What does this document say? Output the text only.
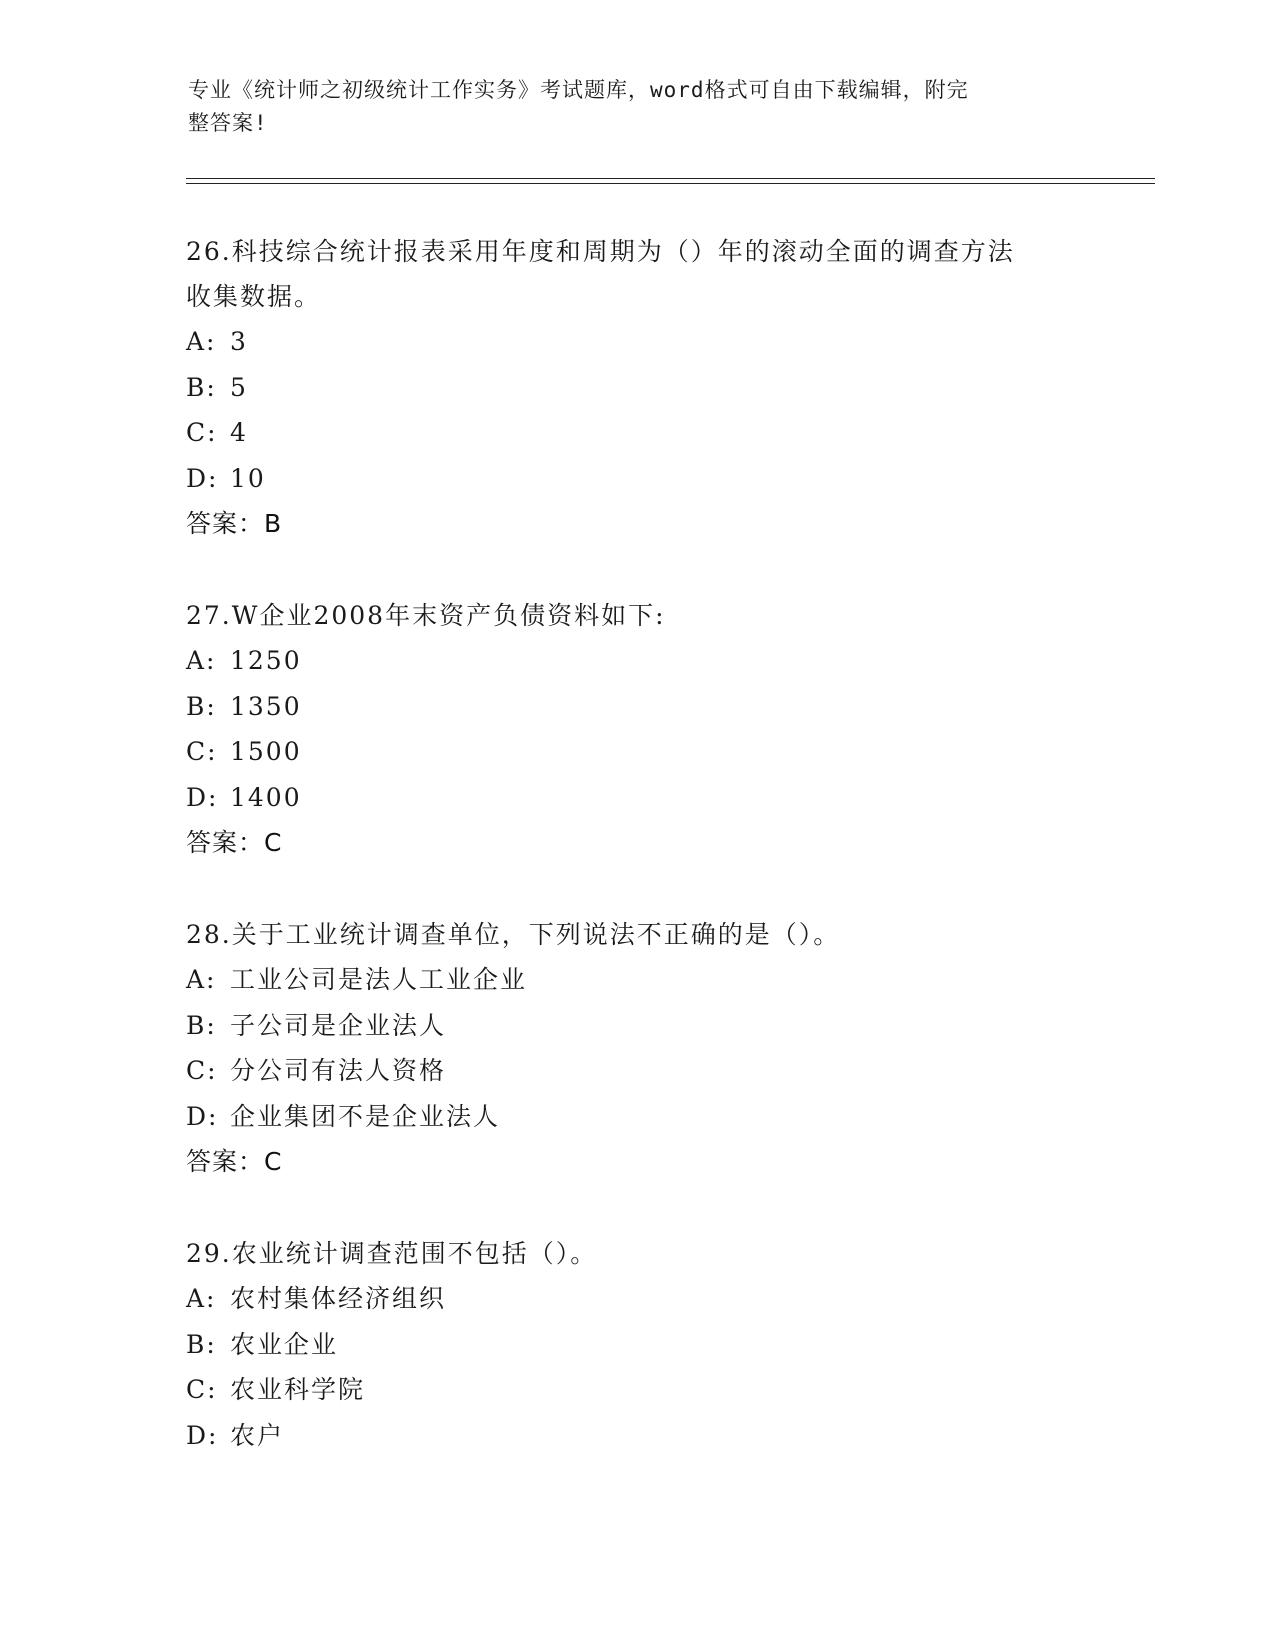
专业《统计师之初级统计工作实务》考试题库，word格式可自由下载编辑，附完
整答案!

26.科技综合统计报表采用年度和周期为（）年的滚动全面的调查方法

收集数据。

A: 3

B: 5

C: 4

D: 10

答案：B

27.W企业2008年末资产负债资料如下:

A: 1250

B: 1350

C: 1500

D: 1400

答案：C

28.关于工业统计调查单位，下列说法不正确的是（）。

A: 工业公司是法人工业企业

B: 子公司是企业法人

C: 分公司有法人资格

D: 企业集团不是企业法人

答案：C

29.农业统计调查范围不包括（）。

A: 农村集体经济组织

B: 农业企业

C: 农业科学院

D: 农户
